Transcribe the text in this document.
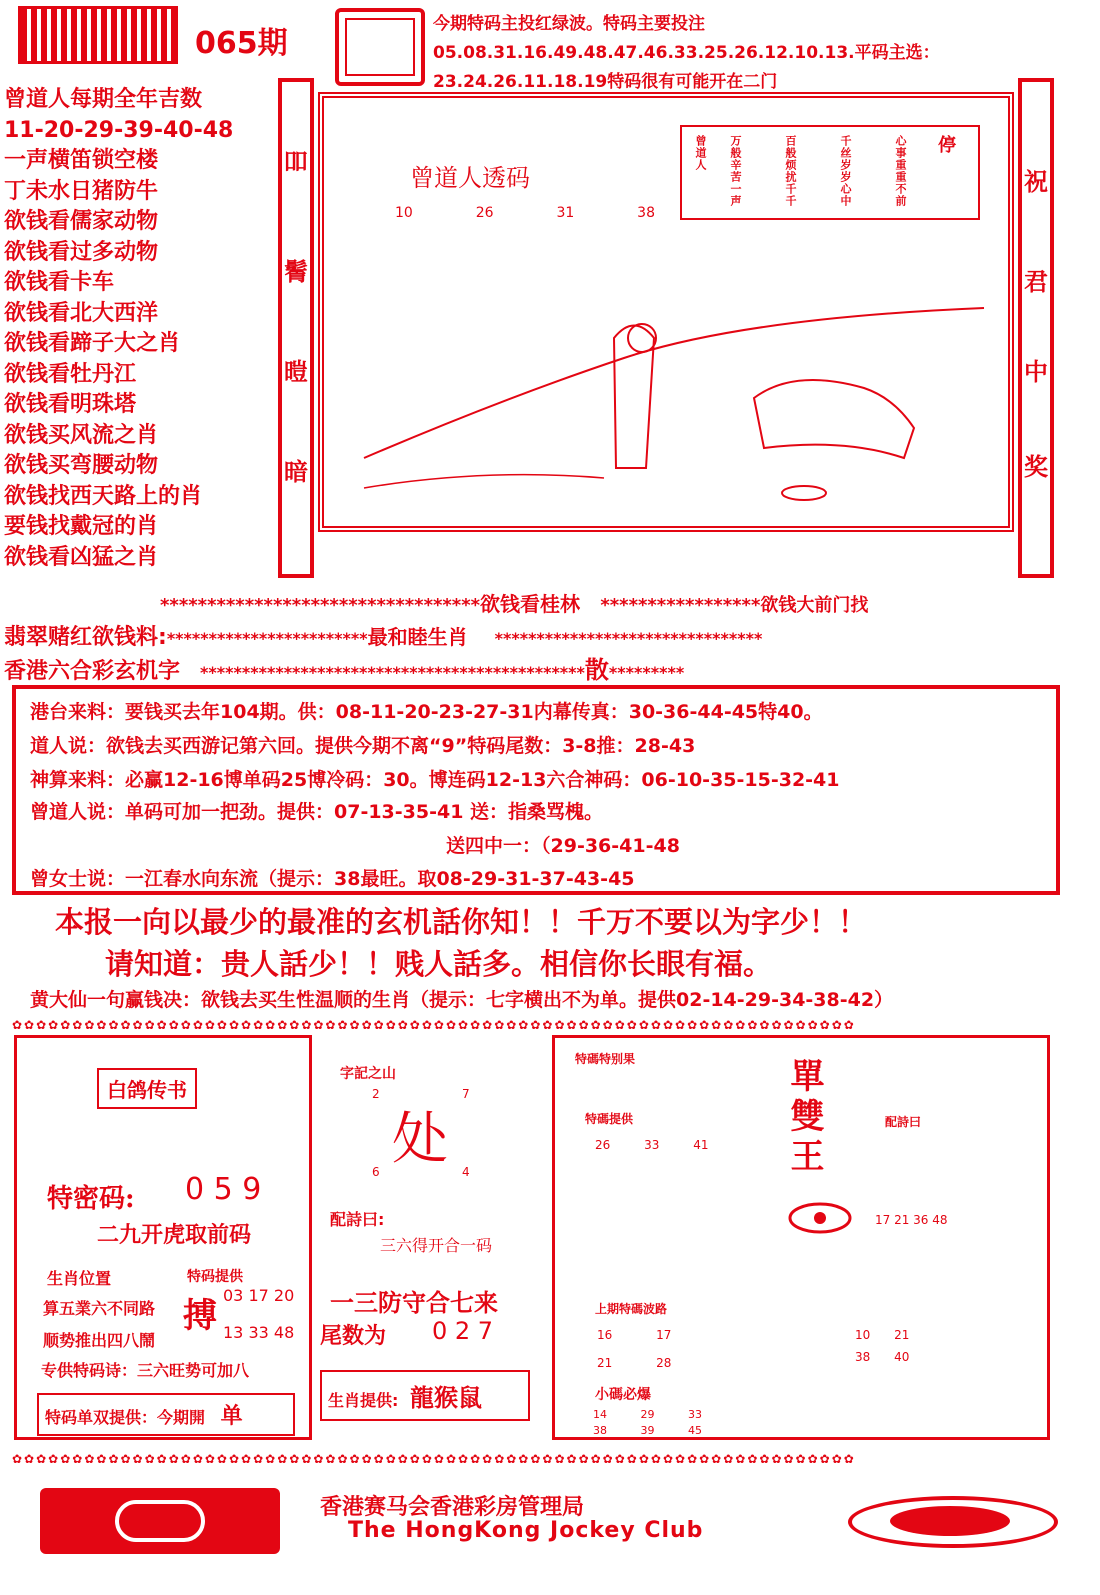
065期
今期特码主投红绿波。特码主要投注05.08.31.16.49.48.47.46.33.25.26.12.10.13.平码主选：23.24.26.11.18.19特码很有可能开在二门
曾道人每期全年吉数
11-20-29-39-40-48
一声横笛锁空楼
丁未水日猪防牛
欲钱看儒家动物
欲钱看过多动物
欲钱看卡车
欲钱看北大西洋
欲钱看蹄子大之肖
欲钱看牡丹江
欲钱看明珠塔
欲钱买风流之肖
欲钱买弯腰动物
欲钱找西天路上的肖
要钱找戴冠的肖
欲钱看凶猛之肖
吅
鬌
暟
暗
祝
君
中
奖
曾道人透码
10	26	31	38
停
心事重重不前
千丝岁岁心中
百般烦扰千千
万般辛苦一声
曾道人
**********************************欲钱看桂林 *****************欲钱大前门找
翡翠赌红欲钱料:************************最和睦生肖 ********************************
香港六合彩玄机字 **********************************************散*********
港台来料：要钱买去年104期。供：08-11-20-23-27-31内幕传真：30-36-44-45特40。
道人说：欲钱去买西游记第六回。提供今期不离“9”特码尾数：3-8推：28-43
神算来料：必赢12-16博单码25博冷码：30。博连码12-13六合神码：06-10-35-15-32-41
曾道人说：单码可加一把劲。提供：07-13-35-41 送：指桑骂槐。
送四中一：（29-36-41-48
曾女士说：一江春水向东流（提示：38最旺。取08-29-31-37-43-45
本报一向以最少的最准的玄机話你知！！千万不要以为字少！！
请知道：贵人話少！！贱人話多。相信你长眼有福。
黄大仙一句赢钱决：欲钱去买生性温顺的生肖（提示：七字横出不为单。提供02-14-29-34-38-42）
✿✿✿✿✿✿✿✿✿✿✿✿✿✿✿✿✿✿✿✿✿✿✿✿✿✿✿✿✿✿✿✿✿✿✿✿✿✿✿✿✿✿✿✿✿✿✿✿✿✿✿✿✿✿✿✿✿✿✿✿✿✿✿✿✿✿✿✿✿✿
✿✿✿✿✿✿✿✿✿✿✿✿✿✿✿✿✿✿✿✿✿✿✿✿✿✿✿✿✿✿✿✿✿✿✿✿✿✿✿✿✿✿✿✿✿✿✿✿✿✿✿✿✿✿✿✿✿✿✿✿✿✿✿✿✿✿✿✿✿✿
白鸽传书
特密码: 0 5 9
二九开虎取前码
生肖位置
算五業六不同路
顺势推出四八鬧
特码提供
搏
03 17 20
13 33 48
专供特码诗：三六旺势可加八
特码单双提供：今期開 单
字記之山
2	7
处
6	4
配詩曰:
三六得开合一码
一三防守合七来
尾数为 0 2 7
生肖提供: 龍猴鼠
特碼特别果	單雙王
特碼提供
26	33	41
配詩曰
17 21 36 48
上期特碼波路
16	17
21	28
10 21
38 40
小碼必爆
14	29	33
38	39	45
香港赛马会香港彩房管理局
The HongKong Jockey Club
